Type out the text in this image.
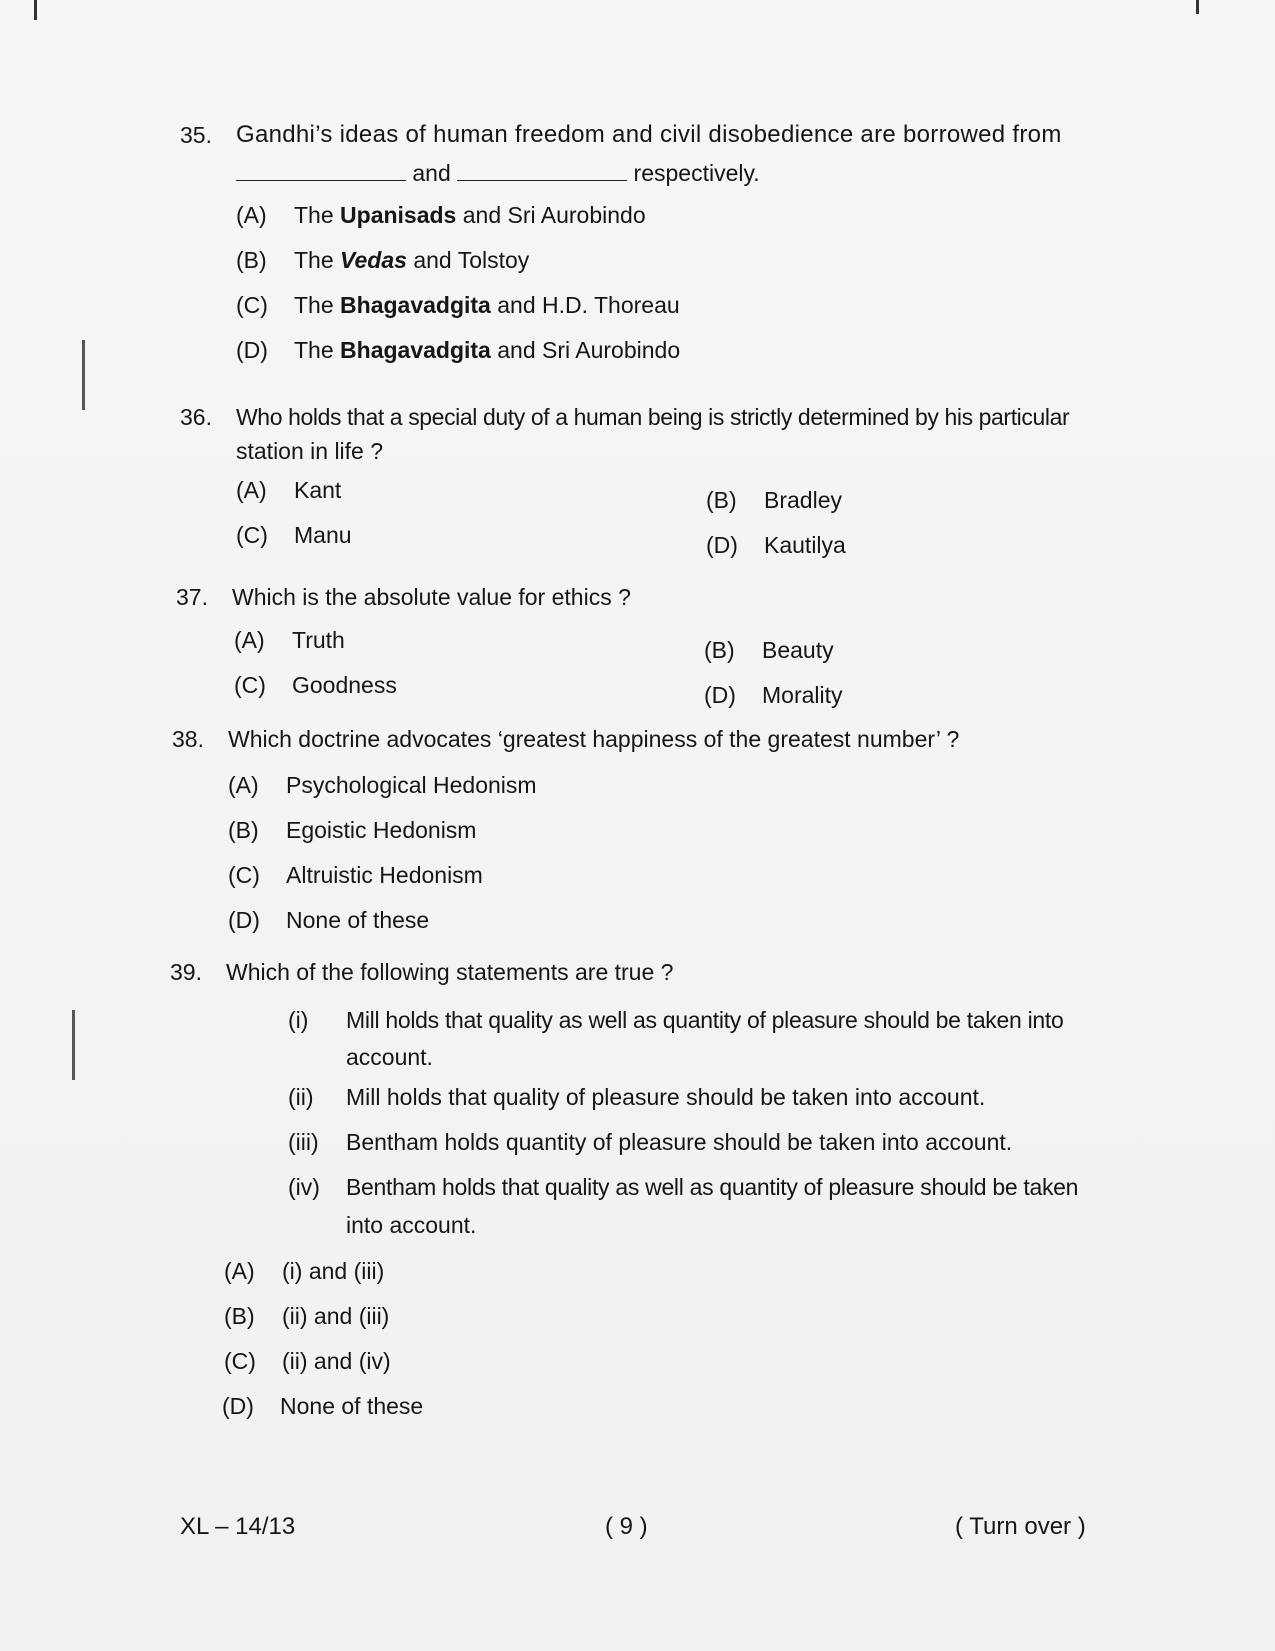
35. Gandhi’s ideas of human freedom and civil disobedience are borrowed from
and	respectively.
(A) The Upanisads and Sri Aurobindo
(B) The Vedas and Tolstoy
(C) The Bhagavadgita and H.D. Thoreau
(D) The Bhagavadgita and Sri Aurobindo
36. Who holds that a special duty of a human being is strictly determined by his particular
station in life ?
(A) Kant	(B) Bradley
(C) Manu	(D) Kautilya
37. Which is the absolute value for ethics ?
(A) Truth	(B) Beauty
(C) Goodness	(D) Morality
38. Which doctrine advocates ‘greatest happiness of the greatest number’ ?
(A) Psychological Hedonism
(B) Egoistic Hedonism
(C) Altruistic Hedonism
(D) None of these
39. Which of the following statements are true ?
(i) Mill holds that quality as well as quantity of pleasure should be taken into
account.
(ii) Mill holds that quality of pleasure should be taken into account.
(iii) Bentham holds quantity of pleasure should be taken into account.
(iv) Bentham holds that quality as well as quantity of pleasure should be taken
into account.
(A) (i) and (iii)
(B) (ii) and (iii)
(C) (ii) and (iv)
(D) None of these
XL – 14/13	( 9 )	( Turn over )
